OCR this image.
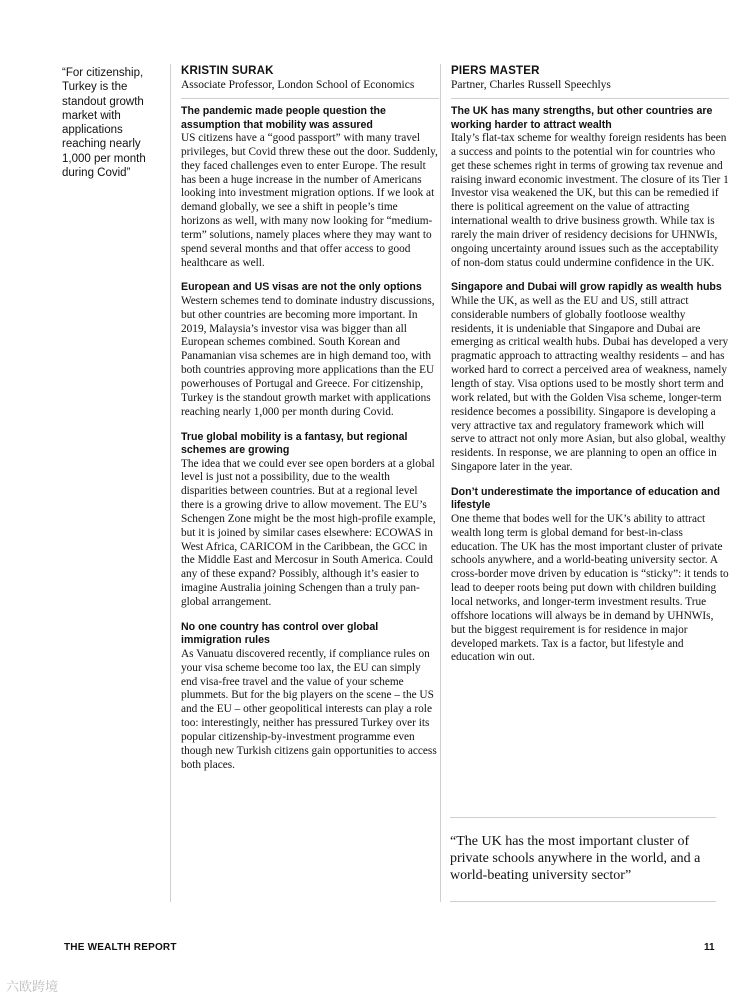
“For citizenship, Turkey is the standout growth market with applications reaching nearly 1,000 per month during Covid”

KRISTIN SURAK

Associate Professor, London School of Economics

The pandemic made people question the assumption that mobility was assured

US citizens have a “good passport” with many travel privileges, but Covid threw these out the door. Suddenly, they faced challenges even to enter Europe. The result has been a huge increase in the number of Americans looking into investment migration options. If we look at demand globally, we see a shift in people’s time horizons as well, with many now looking for “medium-term” solutions, namely places where they may want to spend several months and that offer access to good healthcare as well.

European and US visas are not the only options

Western schemes tend to dominate industry discussions, but other countries are becoming more important. In 2019, Malaysia’s investor visa was bigger than all European schemes combined. South Korean and Panamanian visa schemes are in high demand too, with both countries approving more applications than the EU powerhouses of Portugal and Greece. For citizenship, Turkey is the standout growth market with applications reaching nearly 1,000 per month during Covid.

True global mobility is a fantasy, but regional schemes are growing

The idea that we could ever see open borders at a global level is just not a possibility, due to the wealth disparities between countries. But at a regional level there is a growing drive to allow movement. The EU’s Schengen Zone might be the most high-profile example, but it is joined by similar cases elsewhere: ECOWAS in West Africa, CARICOM in the Caribbean, the GCC in the Middle East and Mercosur in South America. Could any of these expand? Possibly, although it’s easier to imagine Australia joining Schengen than a truly pan-global arrangement.

No one country has control over global immigration rules

As Vanuatu discovered recently, if compliance rules on your visa scheme become too lax, the EU can simply end visa-free travel and the value of your scheme plummets. But for the big players on the scene – the US and the EU – other geopolitical interests can play a role too: interestingly, neither has pressured Turkey over its popular citizenship-by-investment programme even though new Turkish citizens gain opportunities to access both places.

PIERS MASTER

Partner, Charles Russell Speechlys

The UK has many strengths, but other countries are working harder to attract wealth

Italy’s flat-tax scheme for wealthy foreign residents has been a success and points to the potential win for countries who get these schemes right in terms of growing tax revenue and raising inward economic investment. The closure of its Tier 1 Investor visa weakened the UK, but this can be remedied if there is political agreement on the value of attracting international wealth to drive business growth. While tax is rarely the main driver of residency decisions for UHNWIs, ongoing uncertainty around issues such as the acceptability of non-dom status could undermine confidence in the UK.

Singapore and Dubai will grow rapidly as wealth hubs

While the UK, as well as the EU and US, still attract considerable numbers of globally footloose wealthy residents, it is undeniable that Singapore and Dubai are emerging as critical wealth hubs. Dubai has developed a very pragmatic approach to attracting wealthy residents – and has worked hard to correct a perceived area of weakness, namely length of stay. Visa options used to be mostly short term and work related, but with the Golden Visa scheme, longer-term residence becomes a possibility. Singapore is developing a very attractive tax and regulatory framework which will serve to attract not only more Asian, but also global, wealthy residents. In response, we are planning to open an office in Singapore later in the year.

Don’t underestimate the importance of education and lifestyle

One theme that bodes well for the UK’s ability to attract wealth long term is global demand for best-in-class education. The UK has the most important cluster of private schools anywhere, and a world-beating university sector. A cross-border move driven by education is “sticky”: it tends to lead to deeper roots being put down with children building local networks, and longer-term investment results. True offshore locations will always be in demand by UHNWIs, but the biggest requirement is for residence in major developed markets. Tax is a factor, but lifestyle and education win out.

“The UK has the most important cluster of private schools anywhere in the world, and a world-beating university sector”
THE WEALTH REPORT	11
六欧跨境
